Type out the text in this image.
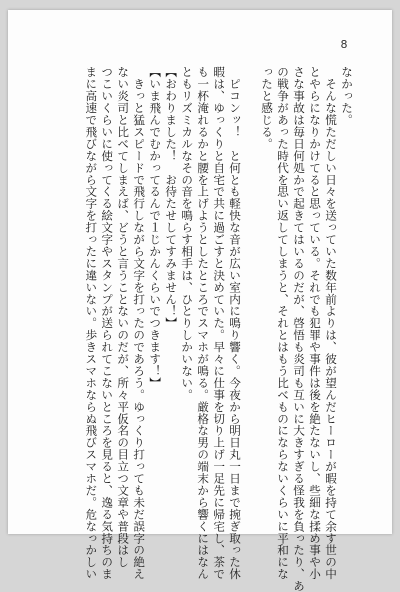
8
なかった。
　そんな慌ただしい日々を送っていた数年前よりは、彼が望んだヒーローが暇を持て余す世の中
とやらになりかけてると思っている。それでも犯罪や事件は後を絶たないし、些細な揉め事や小
さな事故は毎日何処かで起きてはいるのだが、啓悟も炎司も互いに大きすぎる怪我を負ったり、あ
の戦争があった時代を思い返してしまうと、それとはもう比べものにならないくらいに平和にな
ったと感じる。
　ピコンッ！　と何とも軽快な音が広い室内に鳴り響く。今夜から明日丸一日まで捥ぎ取った休
暇は、ゆっくりと自宅で共に過ごすと決めていた。早々に仕事を切り上げ一足先に帰宅し、茶で
も一杯淹れるかと腰を上げようとしたところでスマホが鳴る。厳格な男の端末から響くにはなん
ともリズミカルなその音を鳴らす相手は、ひとりしかいない。
【おわりました！　お待たせしてすみません！】
【いま飛んでむかってるんで１じかんくらいでつきます！】
　きっと猛スピードで飛行しながら文字を打ったのであろう。ゆっくり打っても未だ誤字の絶え
ない炎司と比べてしまえば、どうと言うことないのだが、所々平仮名の目立つ文章や普段はし
つこいくらいに使ってくる絵文字やスタンプが送られてこないところを見ると、逸る気持ちのま
まに高速で飛びながら文字を打ったに違いない。歩きスマホならぬ飛びスマホだ。危なっかしい
